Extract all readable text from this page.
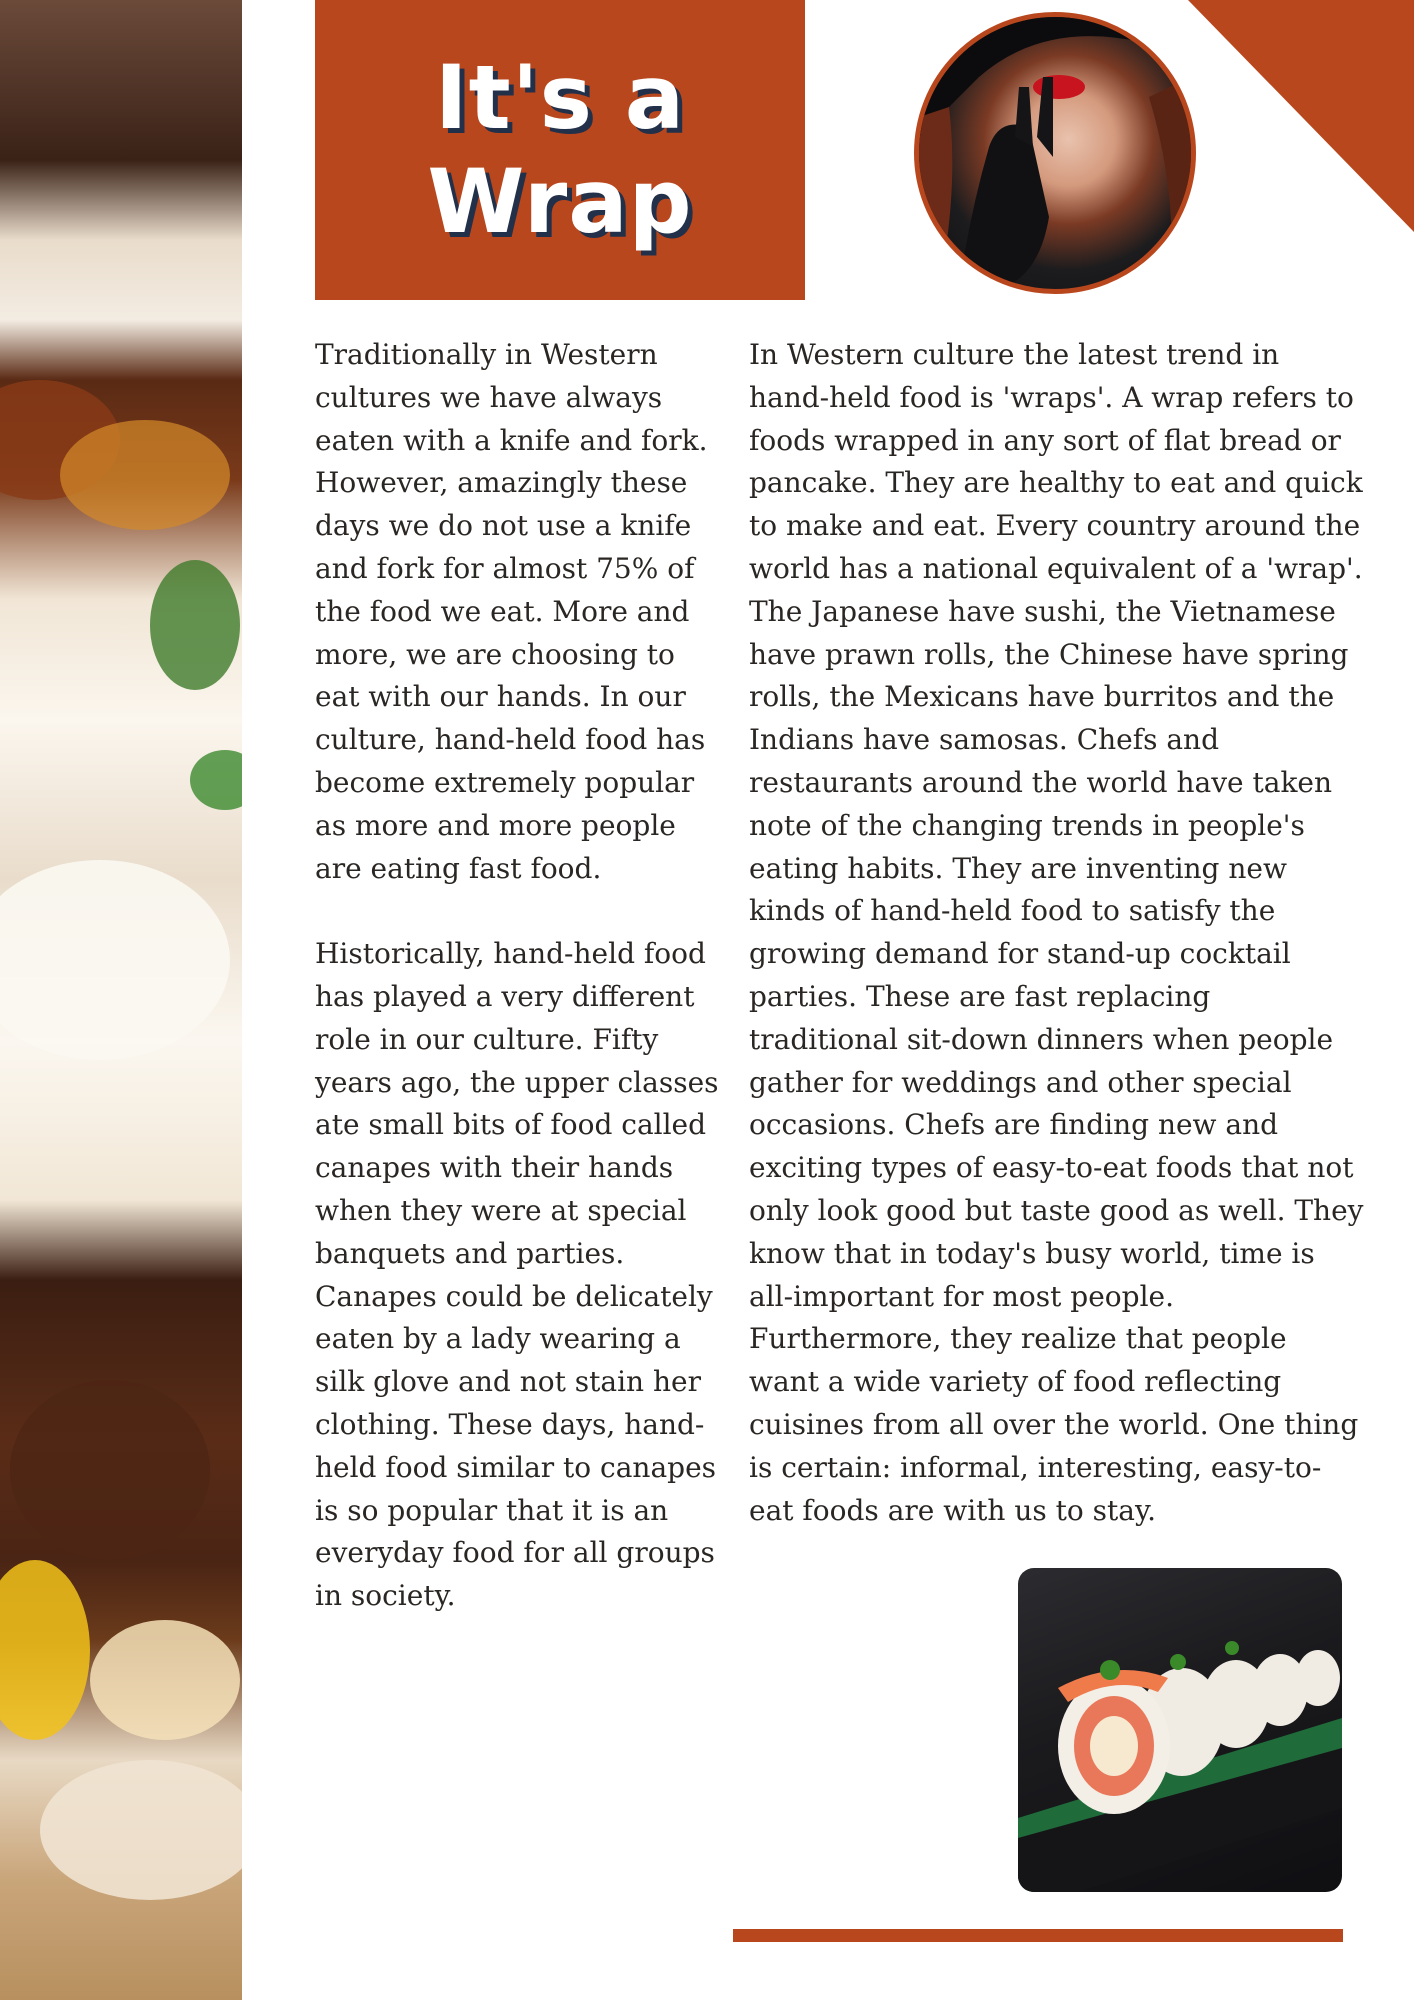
It's a Wrap

Traditionally in Western cultures we have always eaten with a knife and fork. However, amazingly these days we do not use a knife and fork for almost 75% of the food we eat. More and more, we are choosing to eat with our hands. In our culture, hand-held food has become extremely popular as more and more people are eating fast food.

Historically, hand-held food has played a very different role in our culture. Fifty years ago, the upper classes ate small bits of food called canapes with their hands when they were at special banquets and parties. Canapes could be delicately eaten by a lady wearing a silk glove and not stain her clothing. These days, hand-held food similar to canapes is so popular that it is an everyday food for all groups in society.

In Western culture the latest trend in hand-held food is 'wraps'. A wrap refers to foods wrapped in any sort of flat bread or pancake. They are healthy to eat and quick to make and eat. Every country around the world has a national equivalent of a 'wrap'. The Japanese have sushi, the Vietnamese have prawn rolls, the Chinese have spring rolls, the Mexicans have burritos and the Indians have samosas. Chefs and restaurants around the world have taken note of the changing trends in people's eating habits. They are inventing new kinds of hand-held food to satisfy the growing demand for stand-up cocktail parties. These are fast replacing traditional sit-down dinners when people gather for weddings and other special occasions. Chefs are finding new and exciting types of easy-to-eat foods that not only look good but taste good as well. They know that in today's busy world, time is all-important for most people. Furthermore, they realize that people want a wide variety of food reflecting cuisines from all over the world. One thing is certain: informal, interesting, easy-to-eat foods are with us to stay.
